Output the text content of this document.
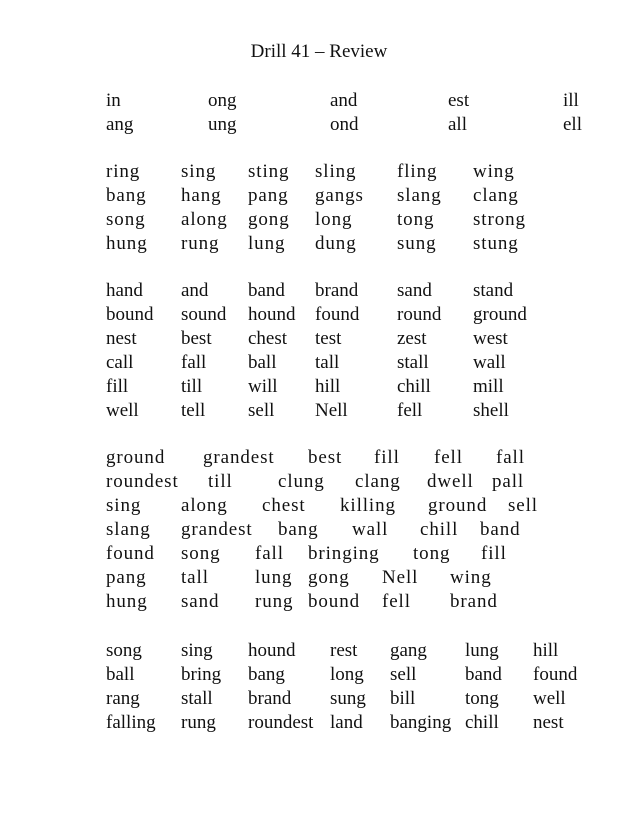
Drill 41 – Review
in	ong	and	est	ill
ang	ung	ond	all	ell
ring sing sting sling fling wing
bang hang pang gangs slang clang
song along gong long tong strong
hung rung lung dung sung stung
hand and band brand sand stand
bound sound hound found round ground
nest best chest test	zest west
call	fall ball tall	stall wall
fill	till will hill	chill mill
well tell sell Nell	fell	shell
ground grandest best fill fell fall
roundest till clung clang dwell pall
sing along chest killing ground sell
slang grandest bang wall chill band
found song fall bringing tong fill
pang tall lung gong Nell wing
hung sand rung bound fell brand
song sing hound rest gang lung hill
ball bring bang long sell	band found
rang stall brand sung bill	tong well
falling rung roundest land banging chill nest
